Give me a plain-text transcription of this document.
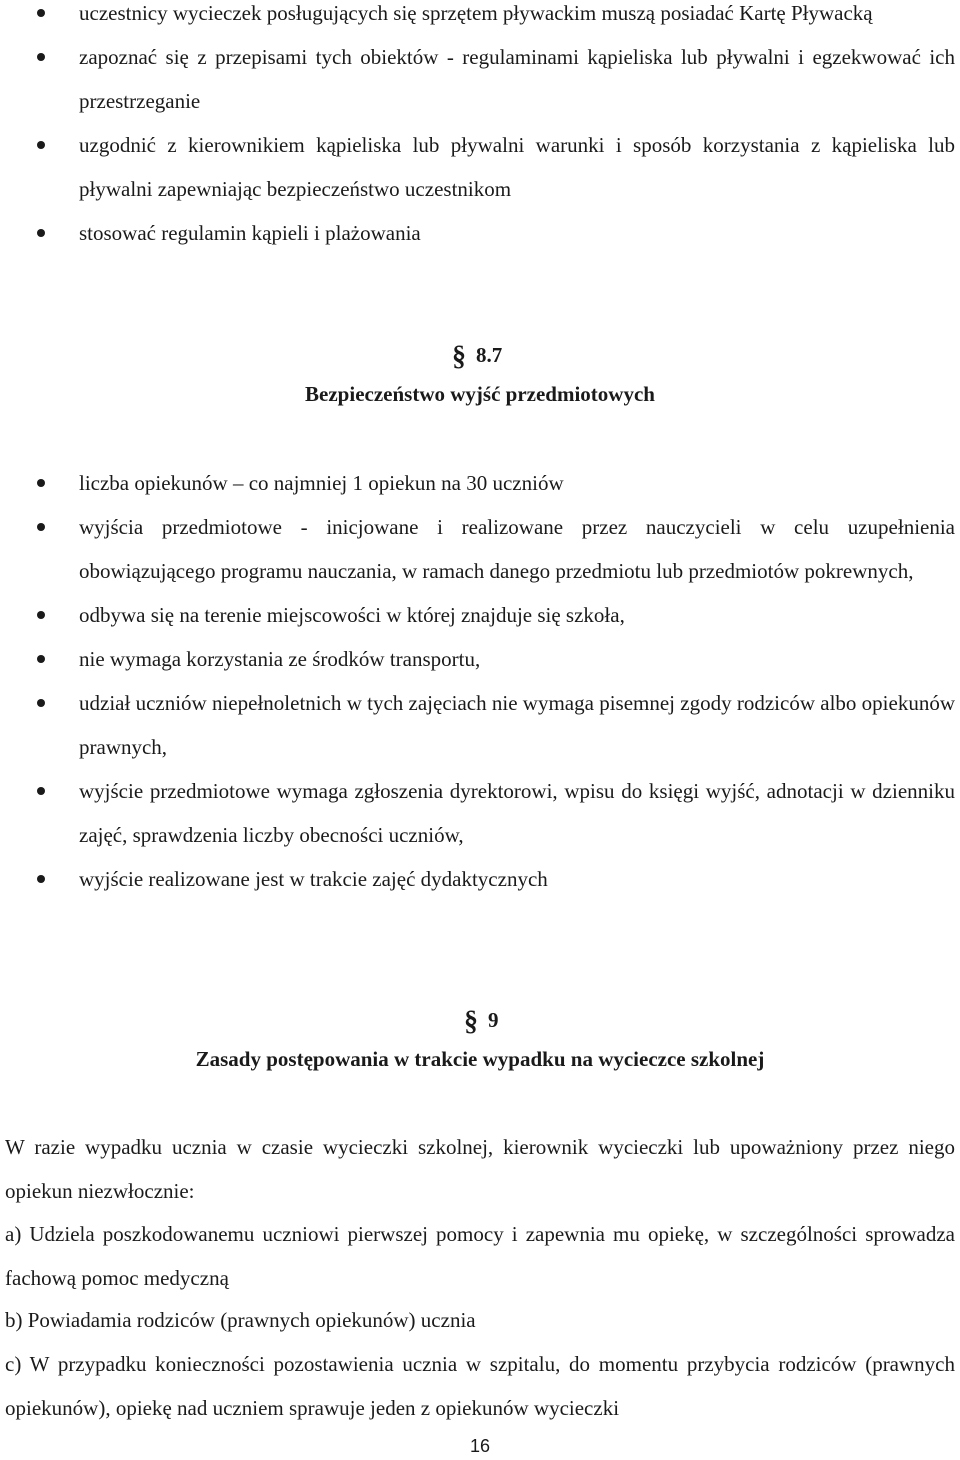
uczestnicy wycieczek posługujących się sprzętem pływackim muszą posiadać Kartę Pływacką
zapoznać się z przepisami tych obiektów - regulaminami kąpieliska lub pływalni i egzekwować ich przestrzeganie
uzgodnić z kierownikiem kąpieliska lub pływalni warunki i sposób korzystania z kąpieliska lub pływalni zapewniając bezpieczeństwo uczestnikom
stosować regulamin kąpieli i plażowania
§ 8.7
Bezpieczeństwo wyjść przedmiotowych
liczba opiekunów – co najmniej 1 opiekun na 30 uczniów
wyjścia przedmiotowe - inicjowane i realizowane przez nauczycieli w celu uzupełnienia obowiązującego programu nauczania, w ramach danego przedmiotu lub przedmiotów pokrewnych,
odbywa się na terenie miejscowości w której znajduje się szkoła,
nie wymaga korzystania ze środków transportu,
udział uczniów niepełnoletnich w tych zajęciach nie wymaga pisemnej zgody rodziców albo opiekunów prawnych,
wyjście przedmiotowe wymaga zgłoszenia dyrektorowi, wpisu do księgi wyjść, adnotacji w dzienniku zajęć, sprawdzenia liczby obecności uczniów,
wyjście realizowane jest w trakcie zajęć dydaktycznych
§ 9
Zasady postępowania w trakcie wypadku na wycieczce szkolnej

W razie wypadku ucznia w czasie wycieczki szkolnej, kierownik wycieczki lub upoważniony przez niego opiekun niezwłocznie:

a) Udziela poszkodowanemu uczniowi pierwszej pomocy i zapewnia mu opiekę, w szczególności sprowadza fachową pomoc medyczną

b) Powiadamia rodziców (prawnych opiekunów) ucznia

c) W przypadku konieczności pozostawienia ucznia w szpitalu, do momentu przybycia rodziców (prawnych opiekunów), opiekę nad uczniem sprawuje jeden z opiekunów wycieczki

16
